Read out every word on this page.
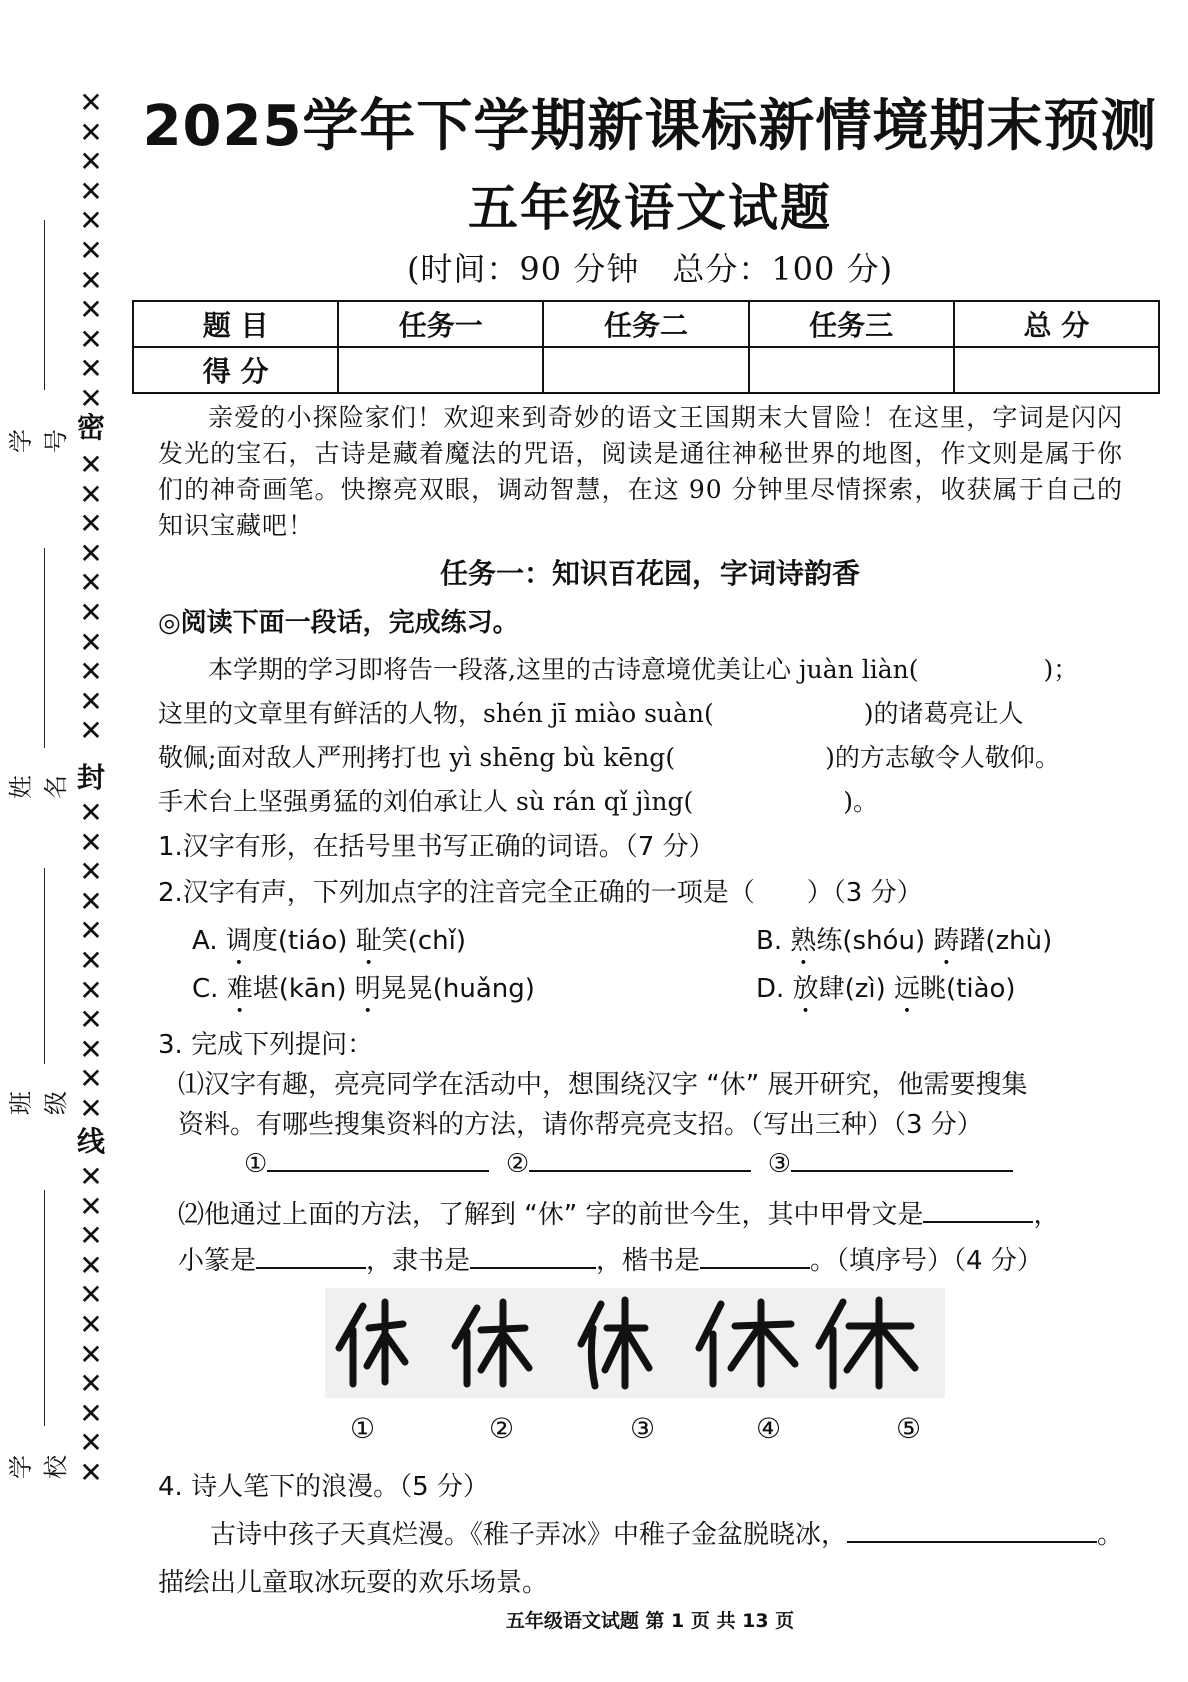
✕
✕
✕
✕
✕
✕
✕
✕
✕
✕
✕
密
✕
✕
✕
✕
✕
✕
✕
✕
✕
✕
封
✕
✕
✕
✕
✕
✕
✕
✕
✕
✕
✕
线
✕
✕
✕
✕
✕
✕
✕
✕
✕
✕
✕
学号
姓名
班级
学校
2025学年下学期新课标新情境期末预测
五年级语文试题
(时间：90 分钟　总分：100 分)
题 目	任务一	任务二	任务三	总 分
得 分				

亲爱的小探险家们！欢迎来到奇妙的语文王国期末大冒险！在这里，字词是闪闪发光的宝石，古诗是藏着魔法的咒语，阅读是通往神秘世界的地图，作文则是属于你们的神奇画笔。快擦亮双眼，调动智慧，在这 90 分钟里尽情探索，收获属于自己的知识宝藏吧！

任务一：知识百花园，字词诗韵香
◎阅读下面一段话，完成练习。
本学期的学习即将告一段落,这里的古诗意境优美让心 juàn liàn(　　　　　)；
这里的文章里有鲜活的人物，shén jī miào suàn(　　　　　　)的诸葛亮让人
敬佩;面对敌人严刑拷打也 yì shēng bù kēng(　　　　　　)的方志敏令人敬仰。
手术台上坚强勇猛的刘伯承让人 sù rán qǐ jìng(　　　　　　)。
1.汉字有形，在括号里书写正确的词语。（7 分）
2.汉字有声，下列加点字的注音完全正确的一项是（　　）（3 分）
A. 调度(tiáo) 耻笑(chǐ)	B. 熟练(shóu) 踌躇(zhù)
C. 难堪(kān) 明晃晃(huǎng)	D. 放肆(zì) 远眺(tiào)
3. 完成下列提问：
⑴汉字有趣，亮亮同学在活动中，想围绕汉字 “休” 展开研究，他需要搜集
资料。有哪些搜集资料的方法，请你帮亮亮支招。（写出三种）（3 分）
①	②	③
⑵他通过上面的方法，了解到 “休” 字的前世今生，其中甲骨文是	，
小篆是	，隶书是	，楷书是	。（填序号）（4 分）
①	②	③	④	⑤
4. 诗人笔下的浪漫。（5 分）
古诗中孩子天真烂漫。《稚子弄冰》中稚子金盆脱晓冰，	。
描绘出儿童取冰玩耍的欢乐场景。
五年级语文试题 第 1 页 共 13 页
